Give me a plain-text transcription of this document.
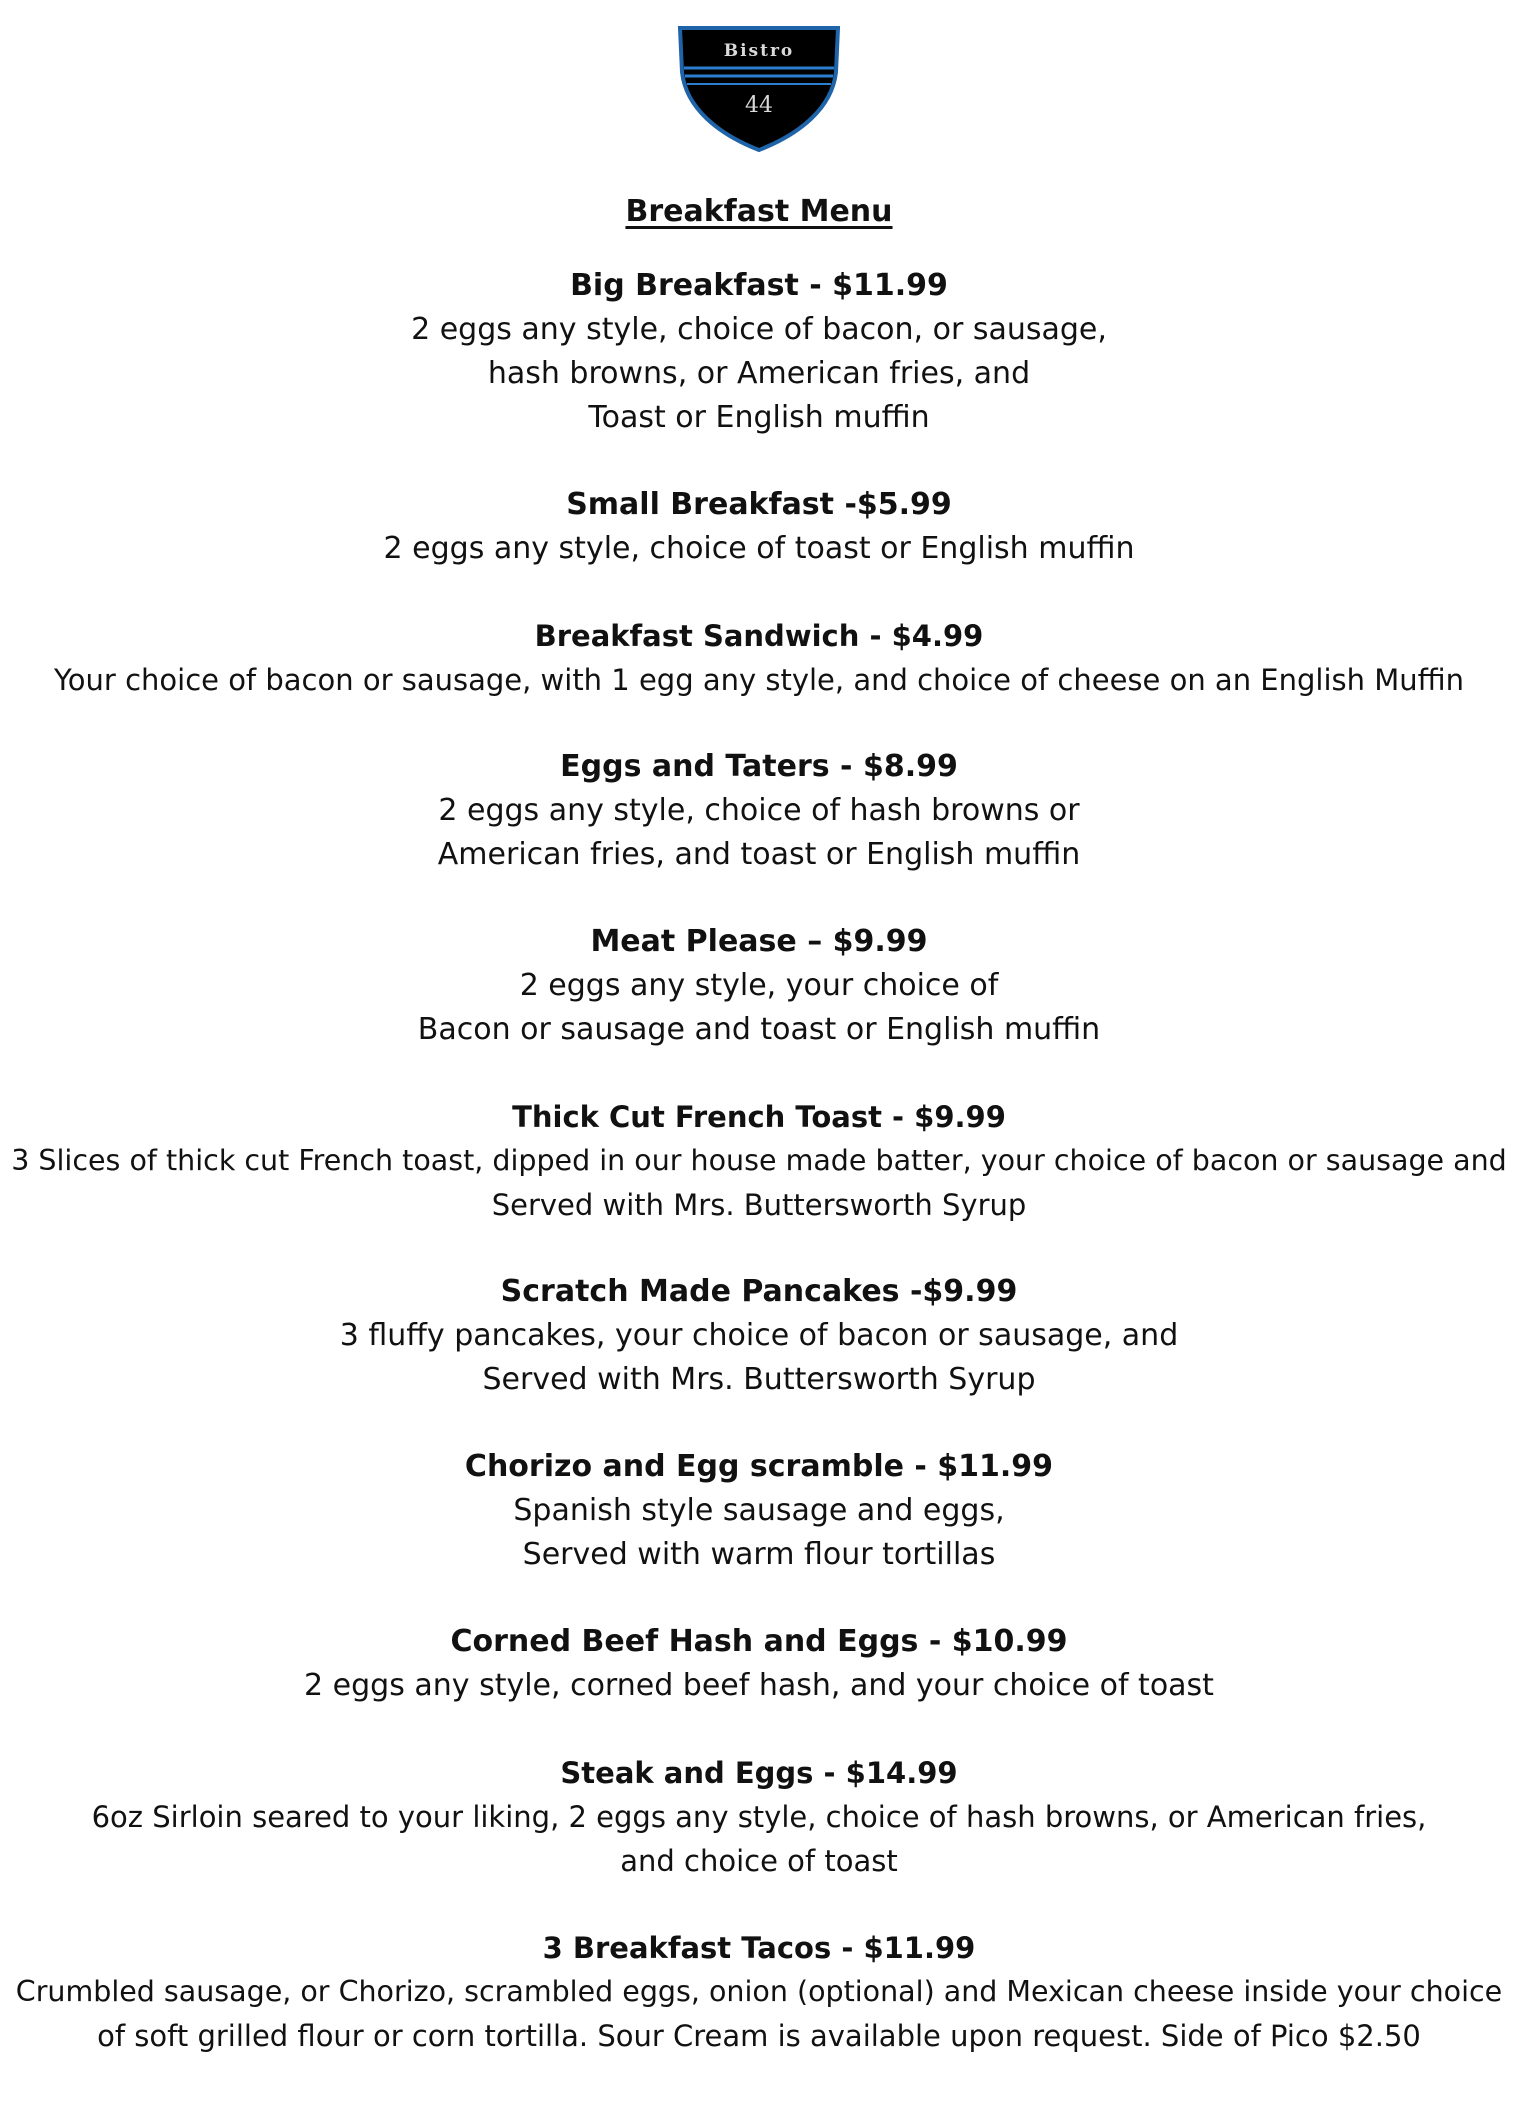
Bistro
44
Breakfast Menu
Big Breakfast - $11.99
2 eggs any style, choice of bacon, or sausage,
hash browns, or American fries, and
Toast or English muffin
Small Breakfast -$5.99
2 eggs any style, choice of toast or English muffin
Breakfast Sandwich - $4.99
Your choice of bacon or sausage, with 1 egg any style, and choice of cheese on an English Muffin
Eggs and Taters - $8.99
2 eggs any style, choice of hash browns or
American fries, and toast or English muffin
Meat Please – $9.99
2 eggs any style, your choice of
Bacon or sausage and toast or English muffin
Thick Cut French Toast - $9.99
3 Slices of thick cut French toast, dipped in our house made batter, your choice of bacon or sausage and
Served with Mrs. Buttersworth Syrup
Scratch Made Pancakes -$9.99
3 fluffy pancakes, your choice of bacon or sausage, and
Served with Mrs. Buttersworth Syrup
Chorizo and Egg scramble - $11.99
Spanish style sausage and eggs,
Served with warm flour tortillas
Corned Beef Hash and Eggs - $10.99
2 eggs any style, corned beef hash, and your choice of toast
Steak and Eggs - $14.99
6oz Sirloin seared to your liking, 2 eggs any style, choice of hash browns, or American fries,
and choice of toast
3 Breakfast Tacos - $11.99
Crumbled sausage, or Chorizo, scrambled eggs, onion (optional) and Mexican cheese inside your choice
of soft grilled flour or corn tortilla. Sour Cream is available upon request. Side of Pico $2.50
